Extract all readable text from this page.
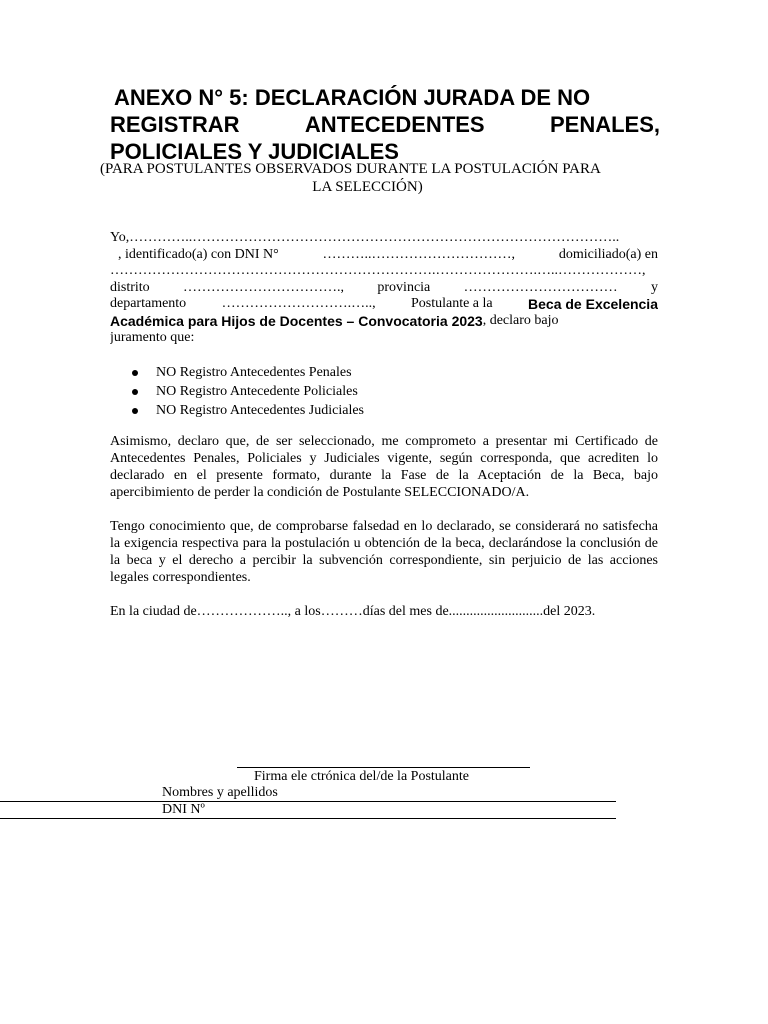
ANEXO N° 5: DECLARACIÓN JURADA DE NO
REGISTRAR	ANTECEDENTES	PENALES,
POLICIALES Y JUDICIALES
(PARA POSTULANTES OBSERVADOS DURANTE LA POSTULACIÓN PARA
LA SELECCIÓN)
Yo,…………..………………………………………………………………………………..
, identificado(a) con DNI N°	………..…………………………,	domiciliado(a) en
…………………………………………………………….………………….…..………………,
distrito ……………………………., provincia …………………………… y
departamento	……………………….…..,	Postulante a la	Beca de Excelencia
Académica para Hijos de Docentes – Convocatoria 2023 , declaro bajo
juramento que:
NO Registro Antecedentes Penales
NO Registro Antecedente Policiales
NO Registro Antecedentes Judiciales

Asimismo, declaro que, de ser seleccionado, me comprometo a presentar mi Certificado de Antecedentes Penales, Policiales y Judiciales vigente, según corresponda, que acrediten lo declarado en el presente formato, durante la Fase de la Aceptación de la Beca, bajo apercibimiento de perder la condición de Postulante SELECCIONADO/A.

Tengo conocimiento que, de comprobarse falsedad en lo declarado, se considerará no satisfecha la exigencia respectiva para la postulación u obtención de la beca, declarándose la conclusión de la beca y el derecho a percibir la subvención correspondiente, sin perjuicio de las acciones legales correspondientes.

En la ciudad de……………….., a los………días del mes de...........................del 2023.

Firma ele ctrónica del/de la Postulante
Nombres y apellidos
DNI Nº
